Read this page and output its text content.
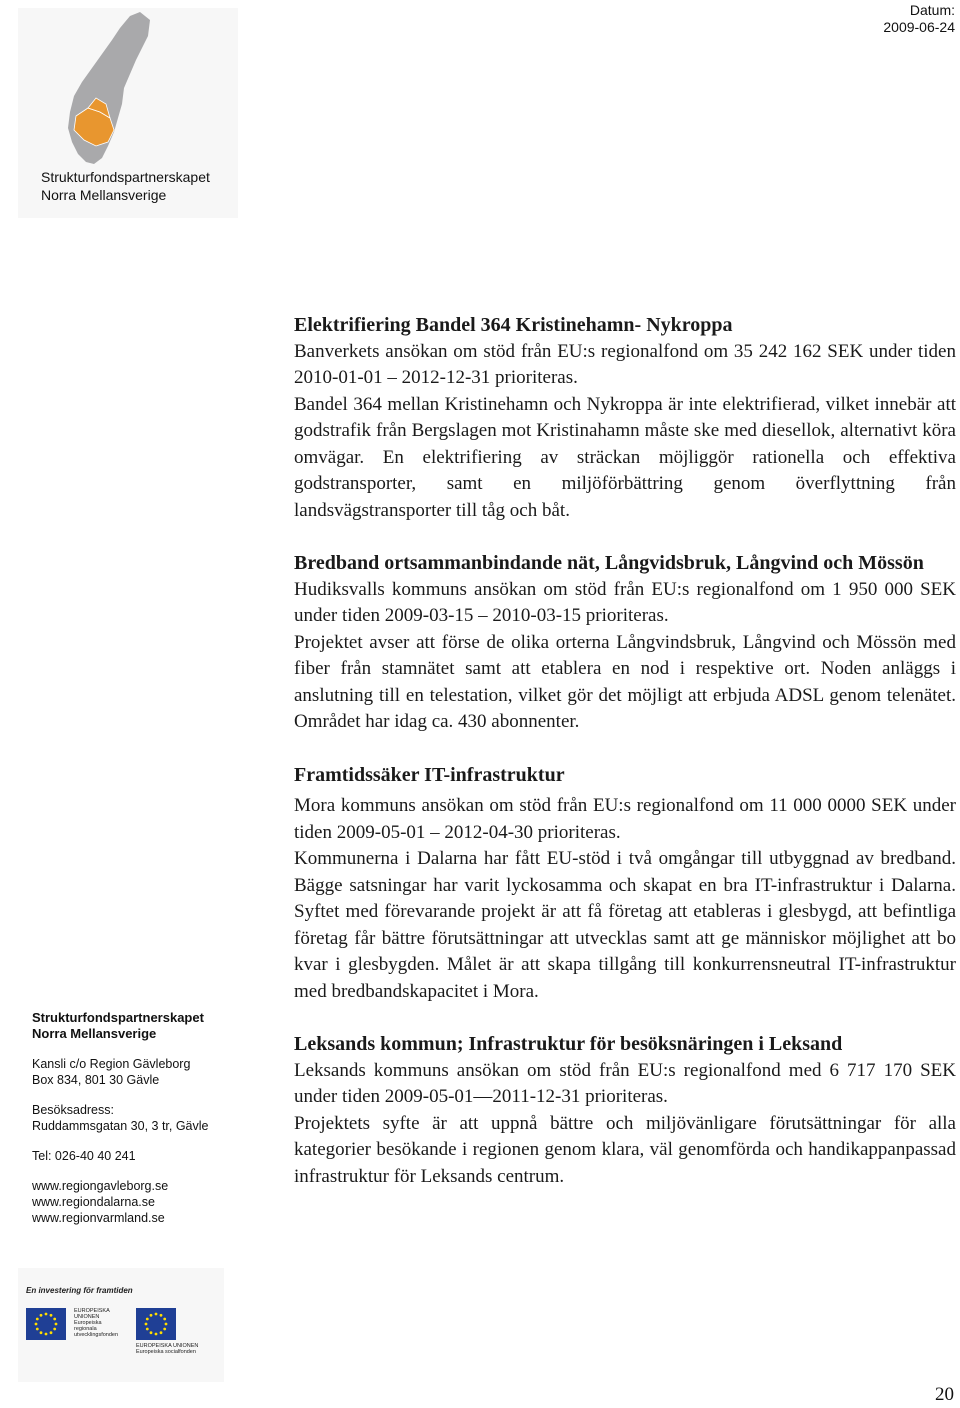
Datum:
2009-06-24
Strukturfondspartnerskapet
Norra Mellansverige
Strukturfondspartnerskapet
Norra Mellansverige
Kansli c/o Region Gävleborg
Box 834, 801 30 Gävle
Besöksadress:
Ruddammsgatan 30, 3 tr, Gävle
Tel: 026-40 40 241
www.regiongavleborg.se
www.regiondalarna.se
www.regionvarmland.se
En investering för framtiden
EUROPEISKA
UNIONEN
Europeiska
regionala
utvecklingsfonden
EUROPEISKA UNIONEN
Europeiska socialfonden
Elektrifiering Bandel 364 Kristinehamn- Nykroppa

Banverkets ansökan om stöd från EU:s regionalfond om 35 242 162 SEK under tiden 2010-01-01 – 2012-12-31 prioriteras.

Bandel 364 mellan Kristinehamn och Nykroppa är inte elektrifierad, vilket innebär att godstrafik från Bergslagen mot Kristinahamn måste ske med diesellok, alternativt köra omvägar. En elektrifiering av sträckan möjliggör rationella och effektiva godstransporter, samt en miljöförbättring genom överflyttning från landsvägstransporter till tåg och båt.

Bredband ortsammanbindande nät, Långvidsbruk, Långvind och Mössön

Hudiksvalls kommuns ansökan om stöd från EU:s regionalfond om 1 950 000 SEK under tiden 2009-03-15 – 2010-03-15 prioriteras.

Projektet avser att förse de olika orterna Långvindsbruk, Långvind och Mössön med fiber från stamnätet samt att etablera en nod i respektive ort. Noden anläggs i anslutning till en telestation, vilket gör det möjligt att erbjuda ADSL genom telenätet. Området har idag ca. 430 abonnenter.

Framtidssäker IT-infrastruktur

Mora kommuns ansökan om stöd från EU:s regionalfond om 11 000 0000 SEK under tiden 2009-05-01 – 2012-04-30 prioriteras.

Kommunerna i Dalarna har fått EU-stöd i två omgångar till utbyggnad av bredband. Bägge satsningar har varit lyckosamma och skapat en bra IT-infrastruktur i Dalarna. Syftet med förevarande projekt är att få företag att etableras i glesbygd, att befintliga företag får bättre förutsättningar att utvecklas samt att ge människor möjlighet att bo kvar i glesbygden. Målet är att skapa tillgång till konkurrensneutral IT-infrastruktur med bredbandskapacitet i Mora.

Leksands kommun; Infrastruktur för besöksnäringen i Leksand

Leksands kommuns ansökan om stöd från EU:s regionalfond med 6 717 170 SEK under tiden 2009-05-01—2011-12-31 prioriteras.

Projektets syfte är att uppnå bättre och miljövänligare förutsättningar för alla kategorier besökande i regionen genom klara, väl genomförda och handikappanpassad infrastruktur för Leksands centrum.

20
